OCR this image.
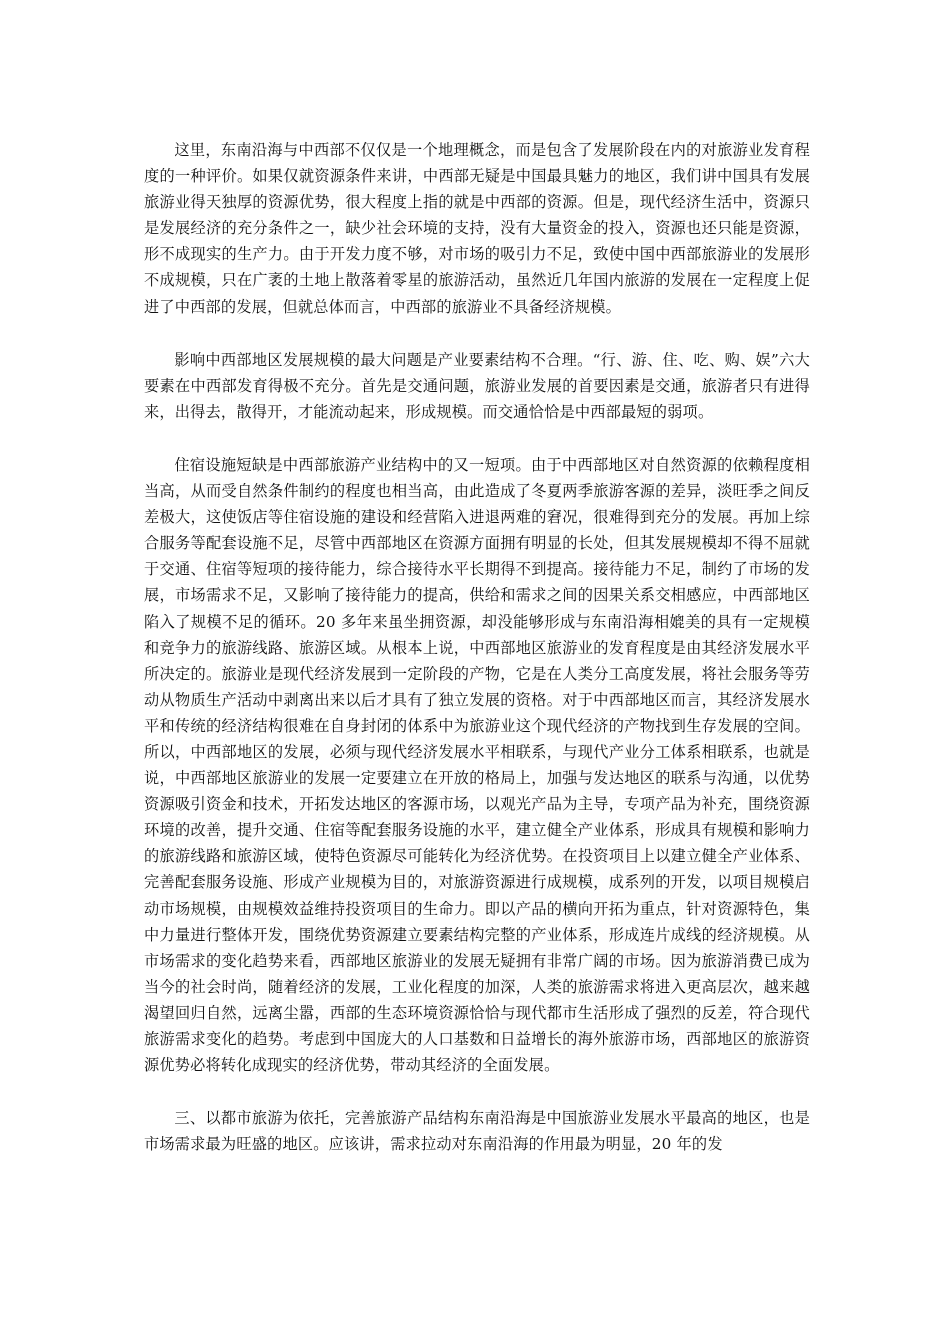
这里，东南沿海与中西部不仅仅是一个地理概念，而是包含了发展阶段在内的对旅游业发育程度的一种评价。如果仅就资源条件来讲，中西部无疑是中国最具魅力的地区，我们讲中国具有发展旅游业得天独厚的资源优势，很大程度上指的就是中西部的资源。但是，现代经济生活中，资源只是发展经济的充分条件之一，缺少社会环境的支持，没有大量资金的投入，资源也还只能是资源，形不成现实的生产力。由于开发力度不够，对市场的吸引力不足，致使中国中西部旅游业的发展形不成规模，只在广袤的土地上散落着零星的旅游活动，虽然近几年国内旅游的发展在一定程度上促进了中西部的发展，但就总体而言，中西部的旅游业不具备经济规模。

影响中西部地区发展规模的最大问题是产业要素结构不合理。“行、游、住、吃、购、娱”六大要素在中西部发育得极不充分。首先是交通问题，旅游业发展的首要因素是交通，旅游者只有进得来，出得去，散得开，才能流动起来，形成规模。而交通恰恰是中西部最短的弱项。

住宿设施短缺是中西部旅游产业结构中的又一短项。由于中西部地区对自然资源的依赖程度相当高，从而受自然条件制约的程度也相当高，由此造成了冬夏两季旅游客源的差异，淡旺季之间反差极大，这使饭店等住宿设施的建设和经营陷入进退两难的窘况，很难得到充分的发展。再加上综合服务等配套设施不足，尽管中西部地区在资源方面拥有明显的长处，但其发展规模却不得不屈就于交通、住宿等短项的接待能力，综合接待水平长期得不到提高。接待能力不足，制约了市场的发展，市场需求不足，又影响了接待能力的提高，供给和需求之间的因果关系交相感应，中西部地区陷入了规模不足的循环。20 多年来虽坐拥资源，却没能够形成与东南沿海相媲美的具有一定规模和竞争力的旅游线路、旅游区域。从根本上说，中西部地区旅游业的发育程度是由其经济发展水平所决定的。旅游业是现代经济发展到一定阶段的产物，它是在人类分工高度发展，将社会服务等劳动从物质生产活动中剥离出来以后才具有了独立发展的资格。对于中西部地区而言，其经济发展水平和传统的经济结构很难在自身封闭的体系中为旅游业这个现代经济的产物找到生存发展的空间。所以，中西部地区的发展，必须与现代经济发展水平相联系，与现代产业分工体系相联系，也就是说，中西部地区旅游业的发展一定要建立在开放的格局上，加强与发达地区的联系与沟通，以优势资源吸引资金和技术，开拓发达地区的客源市场，以观光产品为主导，专项产品为补充，围绕资源环境的改善，提升交通、住宿等配套服务设施的水平，建立健全产业体系，形成具有规模和影响力的旅游线路和旅游区域，使特色资源尽可能转化为经济优势。在投资项目上以建立健全产业体系、完善配套服务设施、形成产业规模为目的，对旅游资源进行成规模，成系列的开发，以项目规模启动市场规模，由规模效益维持投资项目的生命力。即以产品的横向开拓为重点，针对资源特色，集中力量进行整体开发，围绕优势资源建立要素结构完整的产业体系，形成连片成线的经济规模。从市场需求的变化趋势来看，西部地区旅游业的发展无疑拥有非常广阔的市场。因为旅游消费已成为当今的社会时尚，随着经济的发展，工业化程度的加深，人类的旅游需求将进入更高层次，越来越渴望回归自然，远离尘嚣，西部的生态环境资源恰恰与现代都市生活形成了强烈的反差，符合现代旅游需求变化的趋势。考虑到中国庞大的人口基数和日益增长的海外旅游市场，西部地区的旅游资源优势必将转化成现实的经济优势，带动其经济的全面发展。

三、以都市旅游为依托，完善旅游产品结构东南沿海是中国旅游业发展水平最高的地区，也是市场需求最为旺盛的地区。应该讲，需求拉动对东南沿海的作用最为明显，20 年的发
